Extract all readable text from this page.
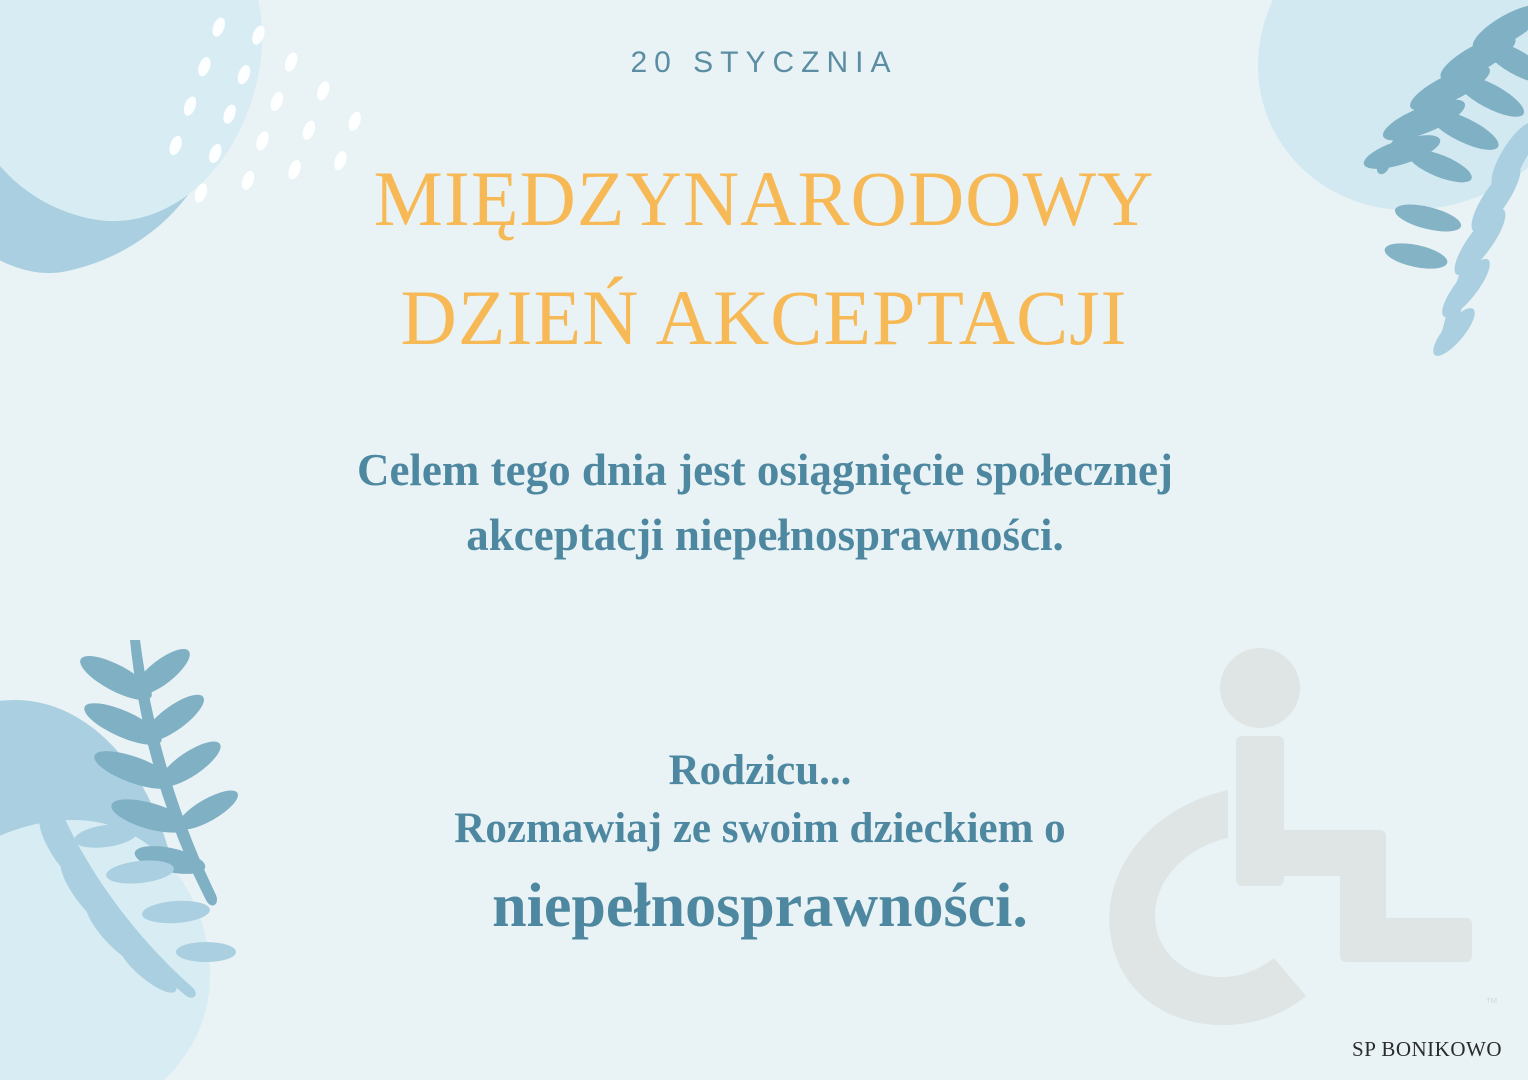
™
20 STYCZNIA
MIĘDZYNARODOWY
DZIEŃ AKCEPTACJI
Celem tego dnia jest osiągnięcie społecznej
akceptacji niepełnosprawności.
Rodzicu...
Rozmawiaj ze swoim dzieckiem o
niepełnosprawności.
SP BONIKOWO
